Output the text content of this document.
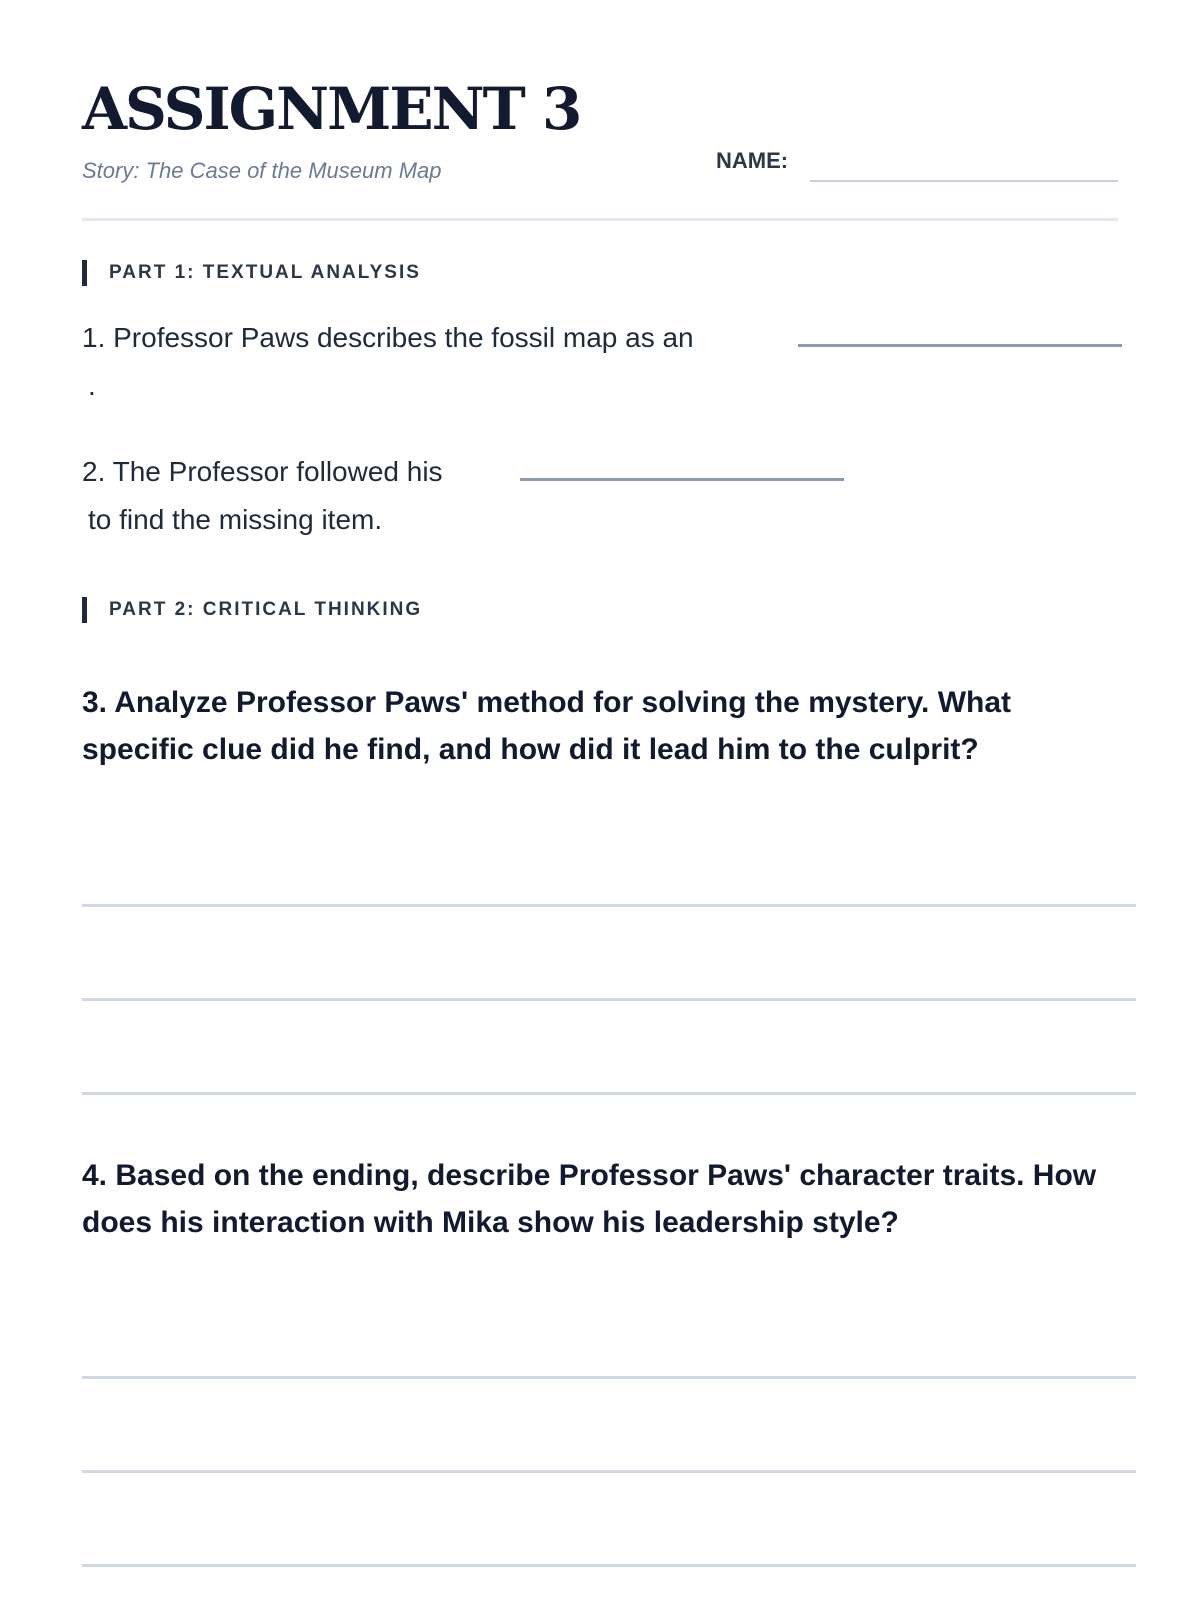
ASSIGNMENT 3
Story: The Case of the Museum Map	NAME:
PART 1: TEXTUAL ANALYSIS
1. Professor Paws describes the fossil map as an
.
2. The Professor followed his
to find the missing item.
PART 2: CRITICAL THINKING
3. Analyze Professor Paws' method for solving the mystery. What specific clue did he find, and how did it lead him to the culprit?
4. Based on the ending, describe Professor Paws' character traits. How does his interaction with Mika show his leadership style?
